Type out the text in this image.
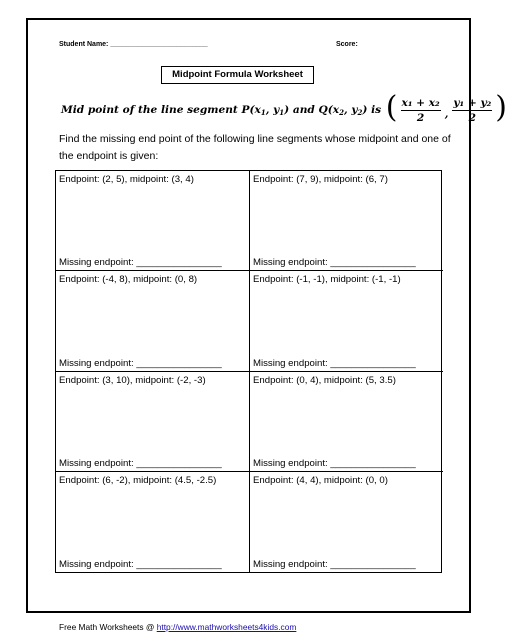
Student Name: _________________________	Score:
Midpoint Formula Worksheet
Mid point of the line segment
$P(x_1$, $y_1$)
and
$Q(x_2$, $y_2$)
is
( $\frac{\text{x₁ + x₂}}{2}$ , $\frac{\text{y₁ + y₂}}{2}$ )
Find the missing end point of the following line segments whose midpoint and one of the endpoint is given:
Endpoint: (2, 5), midpoint: (3, 4)
Missing endpoint: ________________
Endpoint: (7, 9), midpoint: (6, 7)
Missing endpoint: ________________
Endpoint: (-4, 8), midpoint: (0, 8)
Missing endpoint: ________________
Endpoint: (-1, -1), midpoint: (-1, -1)
Missing endpoint: ________________
Endpoint: (3, 10), midpoint: (-2, -3)
Missing endpoint: ________________
Endpoint: (0, 4), midpoint: (5, 3.5)
Missing endpoint: ________________
Endpoint: (6, -2), midpoint: (4.5, -2.5)
Missing endpoint: ________________
Endpoint: (4, 4), midpoint: (0, 0)
Missing endpoint: ________________
Free Math Worksheets @ http://www.mathworksheets4kids.com
